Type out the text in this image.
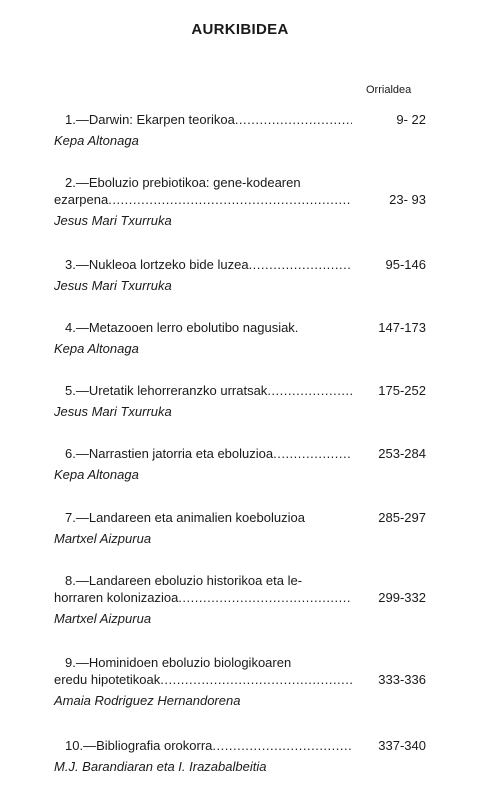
AURKIBIDEA
Orrialdea
1.—Darwin: Ekarpen teorikoa .....	9- 22
Kepa Altonaga
2.—Eboluzio prebiotikoa: gene-kodearen
ezarpena .....	23- 93
Jesus Mari Txurruka
3.—Nukleoa lortzeko bide luzea .....	95-146
Jesus Mari Txurruka
4.—Metazooen lerro ebolutibo nagusiak.	147-173
Kepa Altonaga
5.—Uretatik lehorreranzko urratsak .....	175-252
Jesus Mari Txurruka
6.—Narrastien jatorria eta eboluzioa .....	253-284
Kepa Altonaga
7.—Landareen eta animalien koeboluzioa	285-297
Martxel Aizpurua
8.—Landareen eboluzio historikoa eta le-
horraren kolonizazioa .....	299-332
Martxel Aizpurua
9.—Hominidoen eboluzio biologikoaren
eredu hipotetikoak .....	333-336
Amaia Rodriguez Hernandorena
10.—Bibliografia orokorra .....	337-340
M.J. Barandiaran eta I. Irazabalbeitia
